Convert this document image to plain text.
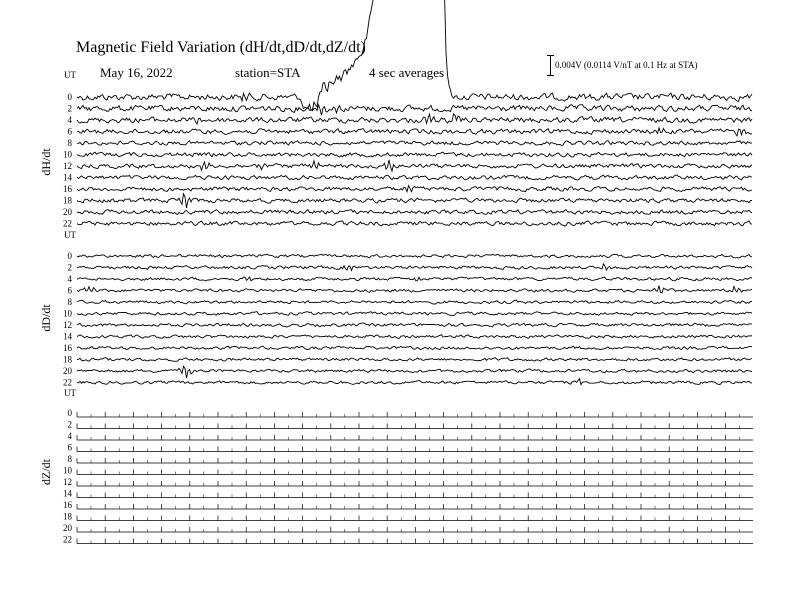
Magnetic Field Variation (dH/dt,dD/dt,dZ/dt)
May 16, 2022	station=STA	4 sec averages	0.004V (0.0114 V/nT at 0.1 Hz at STA)
UT
dH/dt
0
2
4
6
8
10
12
14
16
18
20
22
UT
dD/dt
0
2
4
6
8
10
12
14
16
18
20
22
UT
dZ/dt
0
2
4
6
8
10
12
14
16
18
20
22
